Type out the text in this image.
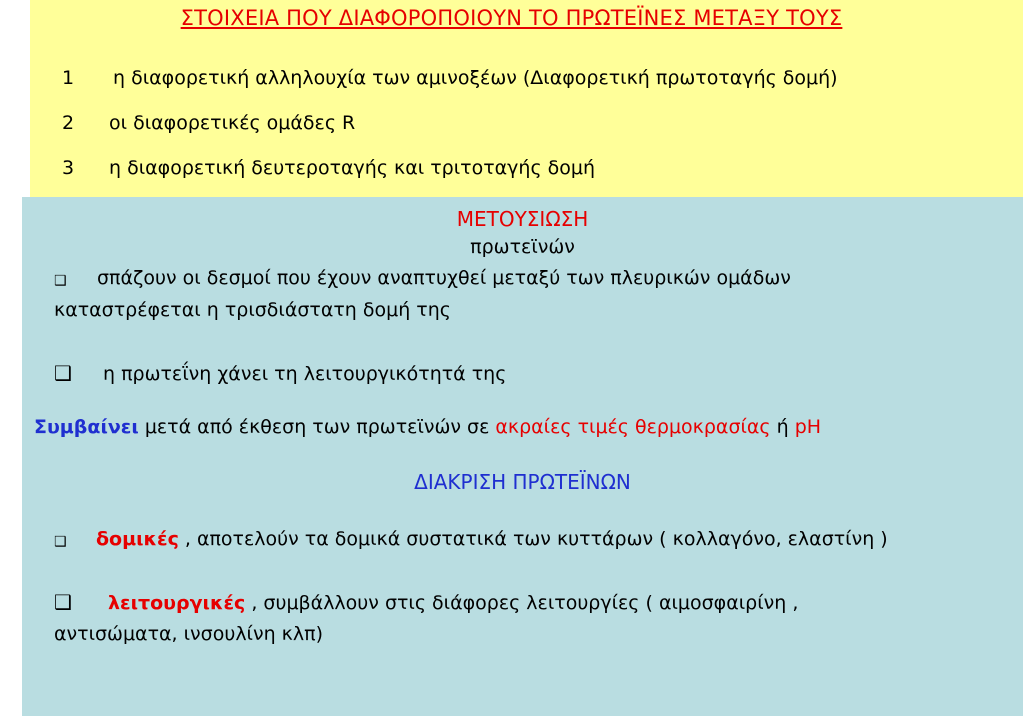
ΣΤΟΙΧΕΙΑ ΠΟΥ ΔΙΑΦΟΡΟΠΟΙΟΥΝ ΤΟ ΠΡΩΤΕΪΝΕΣ ΜΕΤΑΞΥ ΤΟΥΣ
1 η διαφορετική αλληλουχία των αμινοξέων (Διαφορετική πρωτοταγής δομή)
2 οι διαφορετικές ομάδες R
3 η διαφορετική δευτεροταγής και τριτοταγής δομή
ΜΕΤΟΥΣΙΩΣΗ
πρωτεϊνών
❑ σπάζουν οι δεσμοί που έχουν αναπτυχθεί μεταξύ των πλευρικών ομάδων
καταστρέφεται η τρισδιάστατη δομή της
❑ η πρωτεΐνη χάνει τη λειτουργικότητά της
Συμβαίνει μετά από έκθεση των πρωτεϊνών σε ακραίες τιμές θερμοκρασίας ή pH
ΔΙΑΚΡΙΣΗ ΠΡΩΤΕΪΝΩΝ
❑ δομικές , αποτελούν τα δομικά συστατικά των κυττάρων ( κολλαγόνο, ελαστίνη )
❑ λειτουργικές , συμβάλλουν στις διάφορες λειτουργίες ( αιμοσφαιρίνη ,
αντισώματα, ινσουλίνη κλπ)
